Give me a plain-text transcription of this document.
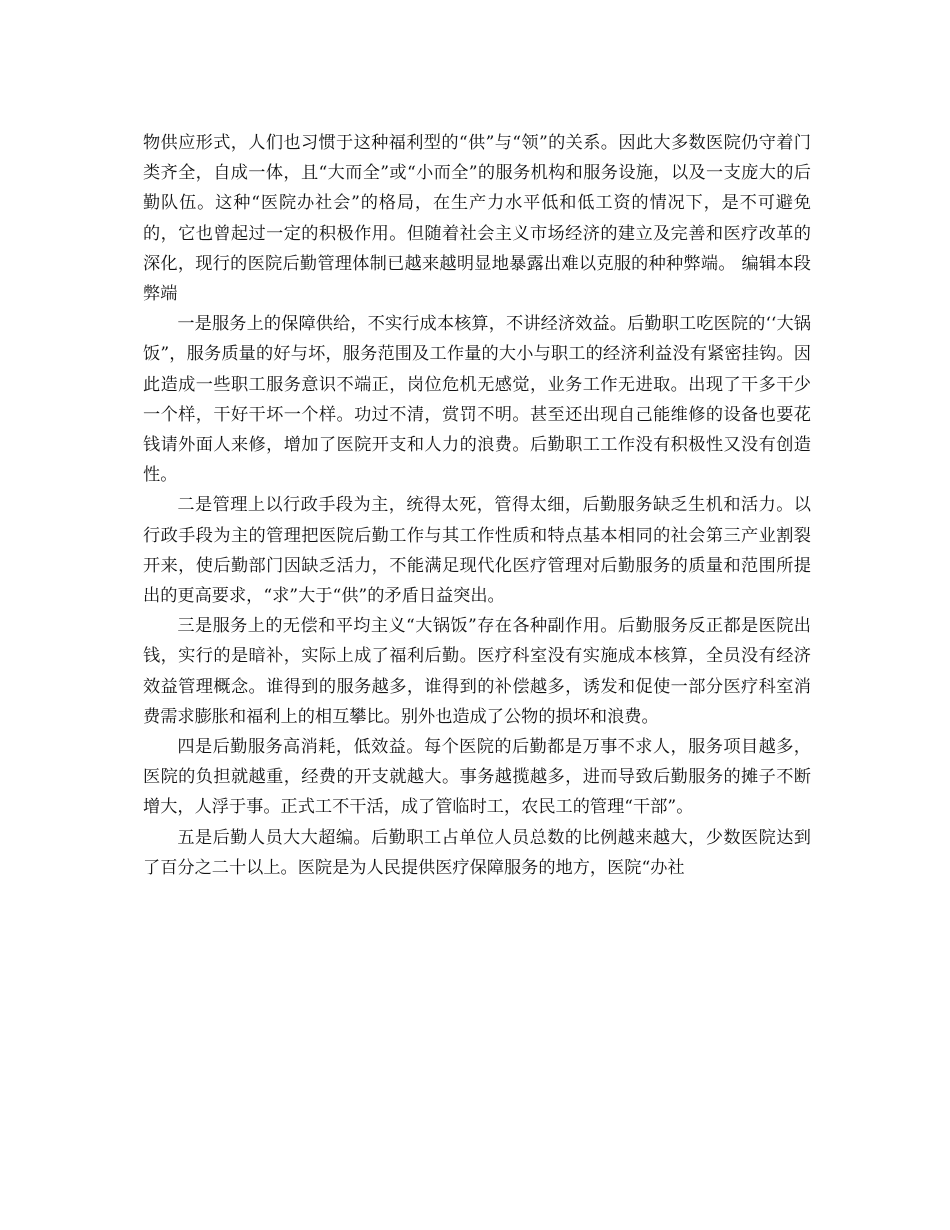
物供应形式，人们也习惯于这种福利型的“供”与“领”的关系。因此大多数医院仍守着门类齐全，自成一体，且“大而全”或“小而全”的服务机构和服务设施，以及一支庞大的后勤队伍。这种“医院办社会”的格局，在生产力水平低和低工资的情况下，是不可避免的，它也曾起过一定的积极作用。但随着社会主义市场经济的建立及完善和医疗改革的深化，现行的医院后勤管理体制已越来越明显地暴露出难以克服的种种弊端。 编辑本段弊端

一是服务上的保障供给，不实行成本核算，不讲经济效益。后勤职工吃医院的‘‘大锅饭”，服务质量的好与坏，服务范围及工作量的大小与职工的经济利益没有紧密挂钩。因此造成一些职工服务意识不端正，岗位危机无感觉，业务工作无进取。出现了干多干少一个样，干好干坏一个样。功过不清，赏罚不明。甚至还出现自己能维修的设备也要花钱请外面人来修，增加了医院开支和人力的浪费。后勤职工工作没有积极性又没有创造性。

二是管理上以行政手段为主，统得太死，管得太细，后勤服务缺乏生机和活力。以行政手段为主的管理把医院后勤工作与其工作性质和特点基本相同的社会第三产业割裂开来，使后勤部门因缺乏活力，不能满足现代化医疗管理对后勤服务的质量和范围所提出的更高要求，“求”大于“供”的矛盾日益突出。

三是服务上的无偿和平均主义“大锅饭”存在各种副作用。后勤服务反正都是医院出钱，实行的是暗补，实际上成了福利后勤。医疗科室没有实施成本核算，全员没有经济效益管理概念。谁得到的服务越多，谁得到的补偿越多，诱发和促使一部分医疗科室消费需求膨胀和福利上的相互攀比。别外也造成了公物的损坏和浪费。

四是后勤服务高消耗，低效益。每个医院的后勤都是万事不求人，服务项目越多，医院的负担就越重，经费的开支就越大。事务越揽越多，进而导致后勤服务的摊子不断增大，人浮于事。正式工不干活，成了管临时工，农民工的管理“干部”。

五是后勤人员大大超编。后勤职工占单位人员总数的比例越来越大，少数医院达到了百分之二十以上。医院是为人民提供医疗保障服务的地方，医院“办社
